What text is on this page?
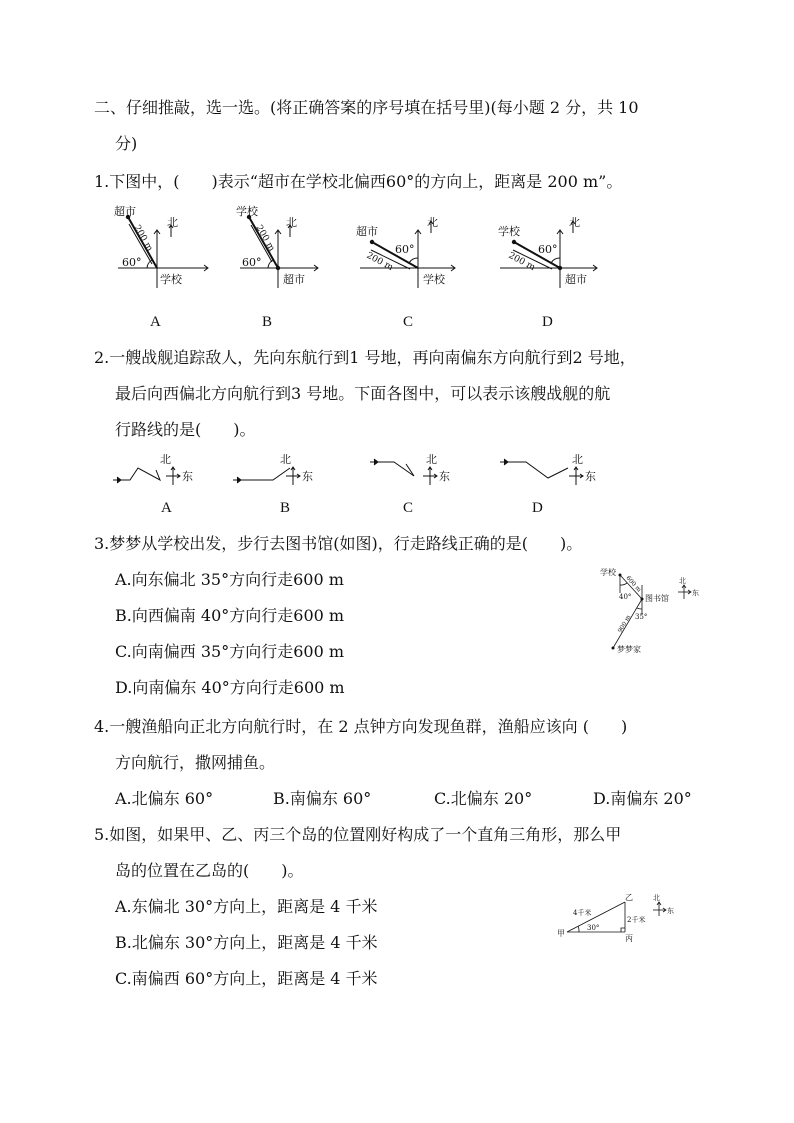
二、仔细推敲，选一选。(将正确答案的序号填在括号里)(每小题 2 分，共 10
分)
1.下图中，(　　)表示“超市在学校北偏西60°的方向上，距离是 200 m”。
超市
学校
60°
北
200 m
学校
超市
60°
北
200 m	超市
学校
60°
北
200 m
学校
超市
60°
北
200 m
A	B	C	D
2.一艘战舰追踪敌人，先向东航行到1 号地，再向南偏东方向航行到2 号地，
最后向西偏北方向航行到3 号地。下面各图中，可以表示该艘战舰的航
行路线的是(　　)。
北
东
北
东
北
东
北
东
A	B	C	D
3.梦梦从学校出发，步行去图书馆(如图)，行走路线正确的是(　　)。
A.向东偏北 35°方向行走600 m
B.向西偏南 40°方向行走600 m
C.向南偏西 35°方向行走600 m
D.向南偏东 40°方向行走600 m
学校
图书馆
梦梦家
600 m
900 m
40°
35°
北
东
4.一艘渔船向正北方向航行时，在 2 点钟方向发现鱼群，渔船应该向 (　　)
方向航行，撒网捕鱼。
A.北偏东 60°	B.南偏东 60°	C.北偏东 20°	D.南偏东 20°
5.如图，如果甲、乙、丙三个岛的位置刚好构成了一个直角三角形，那么甲
岛的位置在乙岛的(　　)。
A.东偏北 30°方向上，距离是 4 千米
B.北偏东 30°方向上，距离是 4 千米
C.南偏西 60°方向上，距离是 4 千米
甲
乙
丙
4千米
2千米
30°
北
东
